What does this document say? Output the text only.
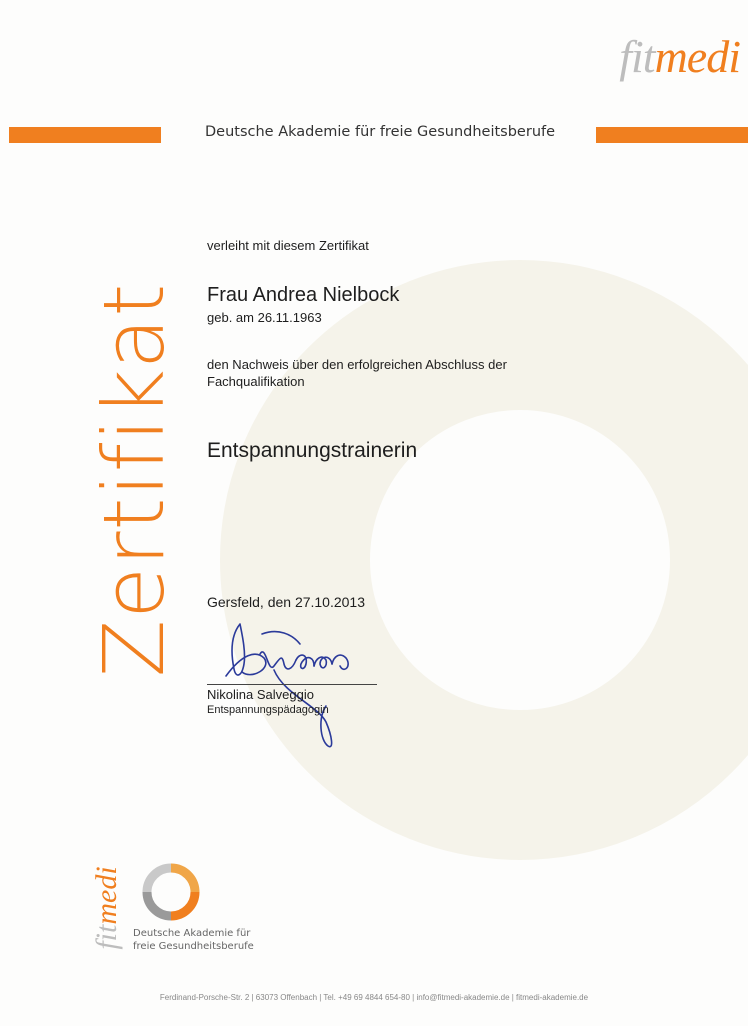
fitmedi
Deutsche Akademie für freie Gesundheitsberufe
Zertifikat
verleiht mit diesem Zertifikat
Frau Andrea Nielbock
geb. am 26.11.1963
den Nachweis über den erfolgreichen Abschluss der Fachqualifikation
Entspannungstrainerin
Gersfeld, den 27.10.2013
Nikolina Salveggio
Entspannungspädagogin
fitmedi
Deutsche Akademie für
freie Gesundheitsberufe
Ferdinand-Porsche-Str. 2 | 63073 Offenbach | Tel. +49 69 4844 654-80 | info@fitmedi-akademie.de | fitmedi-akademie.de
